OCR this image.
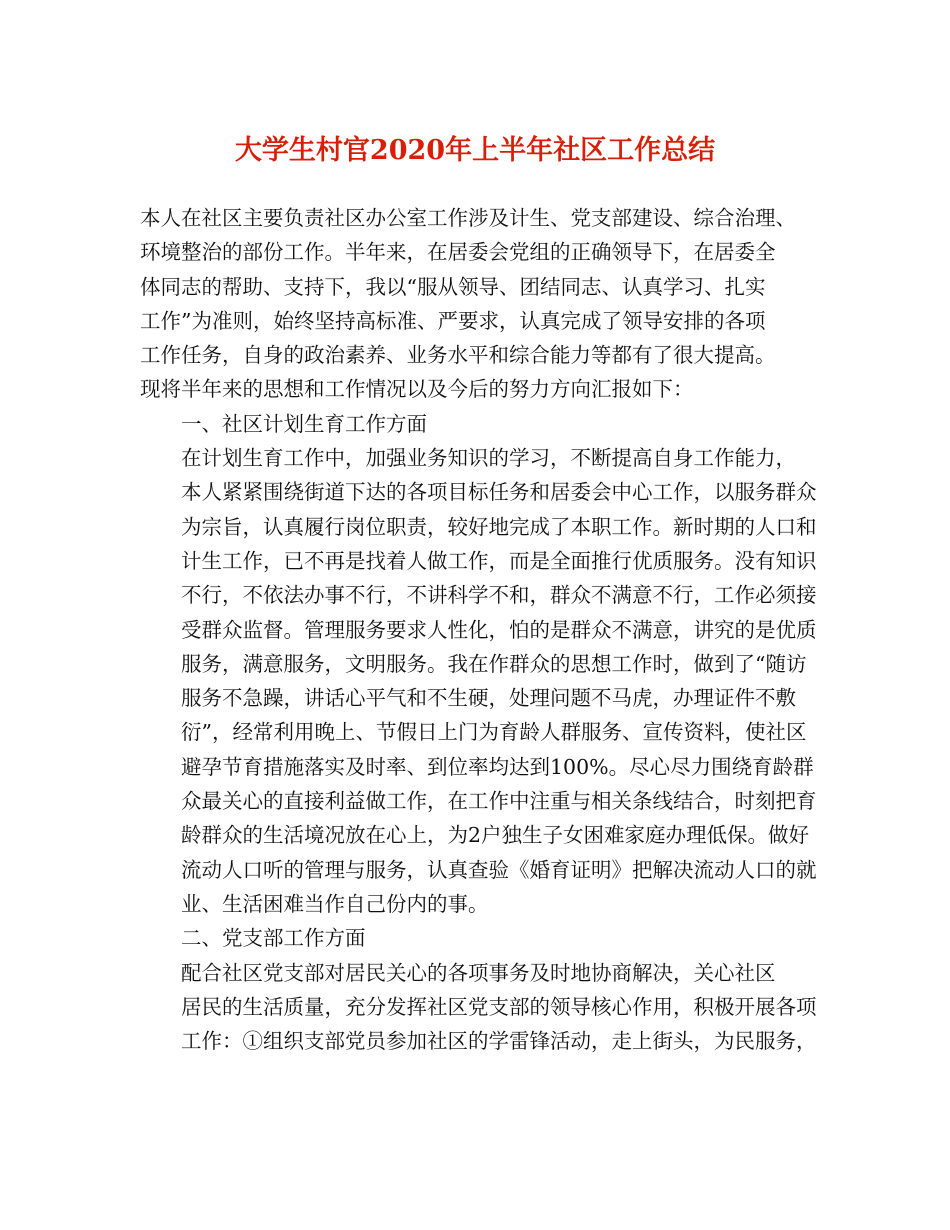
大学生村官2020年上半年社区工作总结
本人在社区主要负责社区办公室工作涉及计生、党支部建设、综合治理、
环境整治的部份工作。半年来，在居委会党组的正确领导下，在居委全
体同志的帮助、支持下，我以“服从领导、团结同志、认真学习、扎实
工作”为准则，始终坚持高标准、严要求，认真完成了领导安排的各项
工作任务，自身的政治素养、业务水平和综合能力等都有了很大提高。
现将半年来的思想和工作情况以及今后的努力方向汇报如下：
一、社区计划生育工作方面
在计划生育工作中，加强业务知识的学习，不断提高自身工作能力，
本人紧紧围绕街道下达的各项目标任务和居委会中心工作，以服务群众
为宗旨，认真履行岗位职责，较好地完成了本职工作。新时期的人口和
计生工作，已不再是找着人做工作，而是全面推行优质服务。没有知识
不行，不依法办事不行，不讲科学不和，群众不满意不行，工作必须接
受群众监督。管理服务要求人性化，怕的是群众不满意，讲究的是优质
服务，满意服务，文明服务。我在作群众的思想工作时，做到了“随访
服务不急躁，讲话心平气和不生硬，处理问题不马虎，办理证件不敷
衍”，经常利用晚上、节假日上门为育龄人群服务、宣传资料，使社区
避孕节育措施落实及时率、到位率均达到100%。尽心尽力围绕育龄群
众最关心的直接利益做工作，在工作中注重与相关条线结合，时刻把育
龄群众的生活境况放在心上，为2户独生子女困难家庭办理低保。做好
流动人口听的管理与服务，认真查验《婚育证明》把解决流动人口的就
业、生活困难当作自己份内的事。
二、党支部工作方面
配合社区党支部对居民关心的各项事务及时地协商解决，关心社区
居民的生活质量，充分发挥社区党支部的领导核心作用，积极开展各项
工作：①组织支部党员参加社区的学雷锋活动，走上街头，为民服务，
